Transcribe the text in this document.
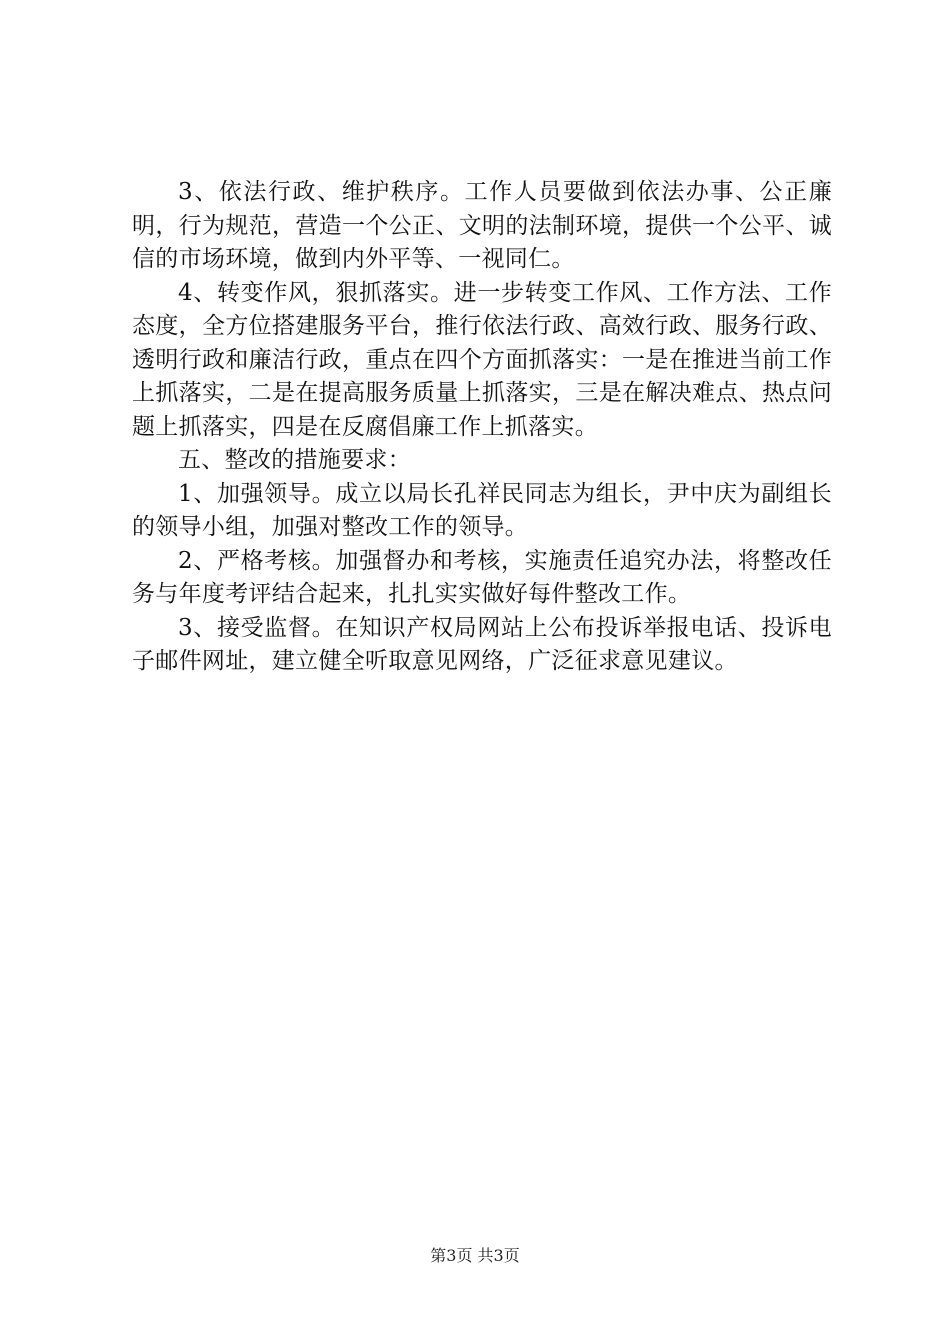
3、依法行政、维护秩序。工作人员要做到依法办事、公正廉明，行为规范，营造一个公正、文明的法制环境，提供一个公平、诚信的市场环境，做到内外平等、一视同仁。

4、转变作风，狠抓落实。进一步转变工作风、工作方法、工作态度，全方位搭建服务平台，推行依法行政、高效行政、服务行政、透明行政和廉洁行政，重点在四个方面抓落实：一是在推进当前工作上抓落实，二是在提高服务质量上抓落实，三是在解决难点、热点问题上抓落实，四是在反腐倡廉工作上抓落实。

五、整改的措施要求：

1、加强领导。成立以局长孔祥民同志为组长，尹中庆为副组长的领导小组，加强对整改工作的领导。

2、严格考核。加强督办和考核，实施责任追究办法，将整改任务与年度考评结合起来，扎扎实实做好每件整改工作。

3、接受监督。在知识产权局网站上公布投诉举报电话、投诉电子邮件网址，建立健全听取意见网络，广泛征求意见建议。

第3页 共3页
